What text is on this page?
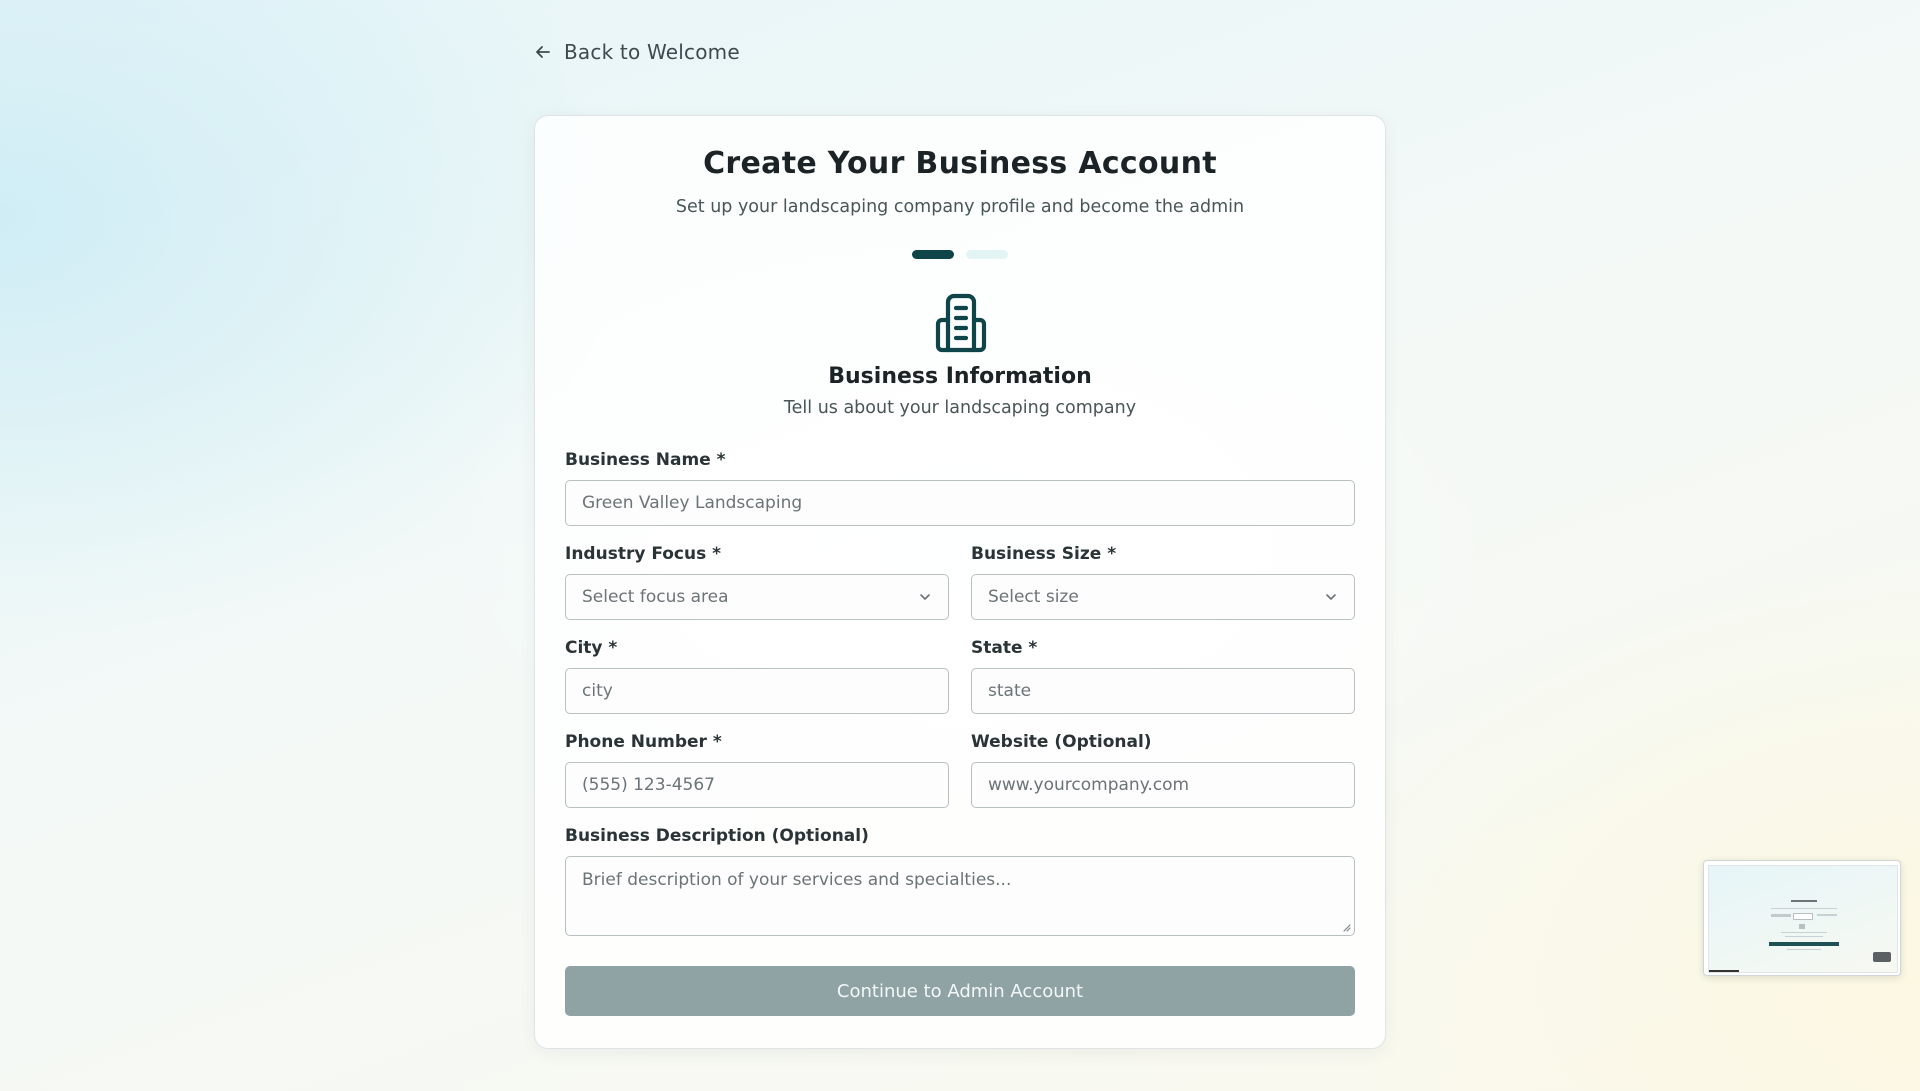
Back to Welcome
Create Your Business Account
Set up your landscaping company profile and become the admin
Business Information
Tell us about your landscaping company
Business Name *
Green Valley Landscaping
Industry Focus *
Select focus area
Business Size *
Select size
City *
city	State *
state
Phone Number *
(555) 123-4567	Website (Optional)
www.yourcompany.com
Business Description (Optional)
Brief description of your services and specialties...
Continue to Admin Account
